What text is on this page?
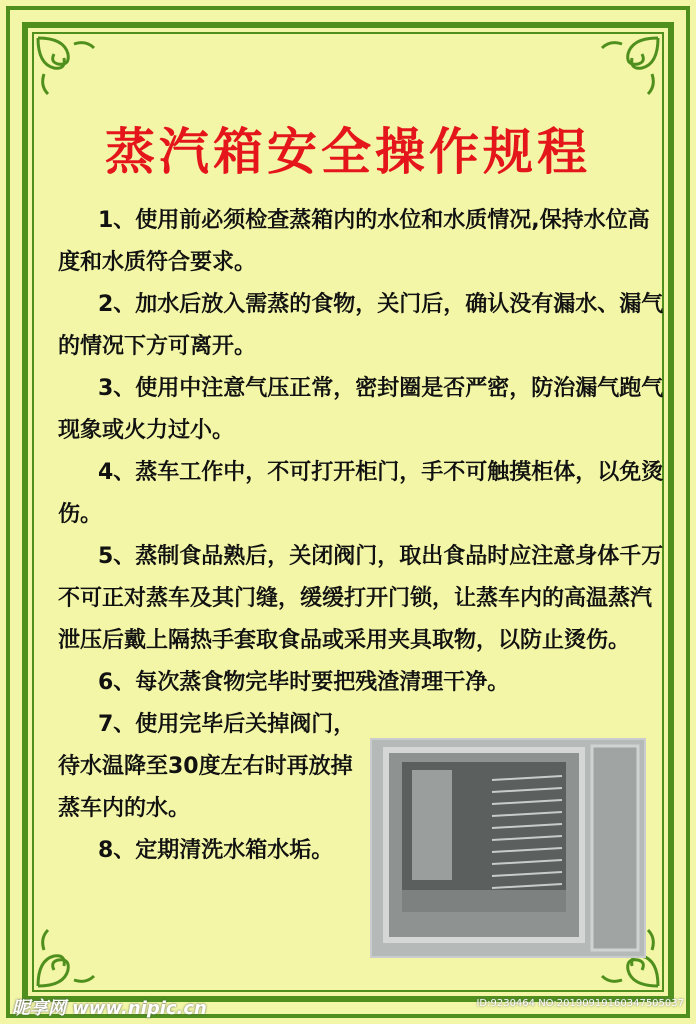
蒸汽箱安全操作规程

1、使用前必须检查蒸箱内的水位和水质情况,保持水位高度和水质符合要求。

2、加水后放入需蒸的食物，关门后，确认没有漏水、漏气的情况下方可离开。

3、使用中注意气压正常，密封圈是否严密，防治漏气跑气现象或火力过小。

4、蒸车工作中，不可打开柜门，手不可触摸柜体，以免烫伤。

5、蒸制食品熟后，关闭阀门，取出食品时应注意身体千万不可正对蒸车及其门缝，缓缓打开门锁，让蒸车内的高温蒸汽泄压后戴上隔热手套取食品或采用夹具取物，以防止烫伤。

6、每次蒸食物完毕时要把残渣清理干净。

7、使用完毕后关掉阀门，待水温降至30度左右时再放掉蒸车内的水。

8、定期清洗水箱水垢。

昵享网 www.nipic.cn	ID:9230464 NO:20190919160347505037
